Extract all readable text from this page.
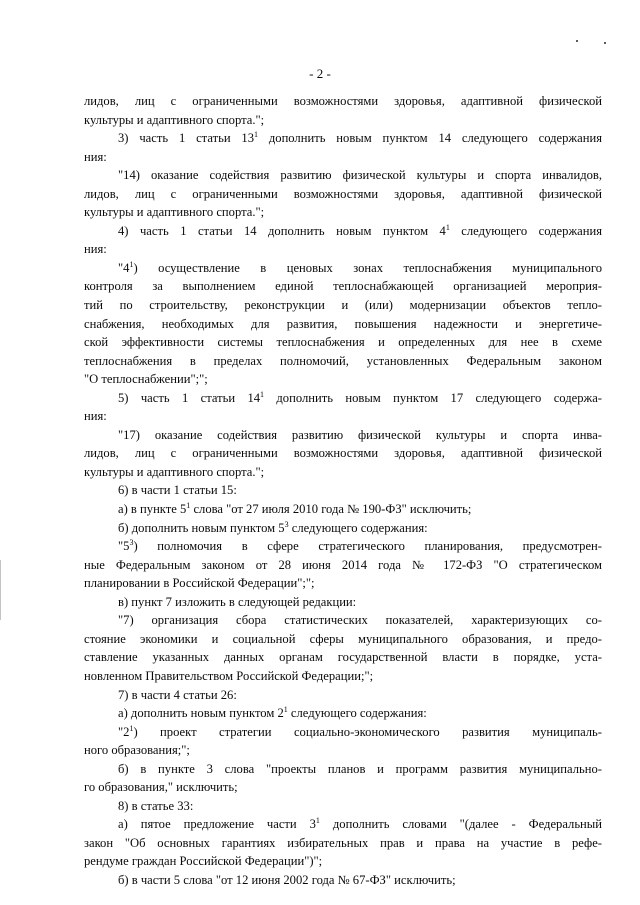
- 2 -
лидов, лиц с ограниченными возможностями здоровья, адаптивной физической
культуры и адаптивного спорта.";
3) часть 1 статьи $13^1$ дополнить новым пунктом 14 следующего содержания
ния:
"14) оказание содействия развитию физической культуры и спорта инвалидов,
лидов, лиц с ограниченными возможностями здоровья, адаптивной физической
культуры и адаптивного спорта.";
4) часть 1 статьи 14 дополнить новым пунктом $4^1$ следующего содержания
ния:
"$4^1$) осуществление в ценовых зонах теплоснабжения муниципального
контроля за выполнением единой теплоснабжающей организацией мероприя-
тий по строительству, реконструкции и (или) модернизации объектов тепло-
снабжения, необходимых для развития, повышения надежности и энергетиче-
ской эффективности системы теплоснабжения и определенных для нее в схеме
теплоснабжения в пределах полномочий, установленных Федеральным законом
"О теплоснабжении";";
5) часть 1 статьи $14^1$ дополнить новым пунктом 17 следующего содержа-
ния:
"17) оказание содействия развитию физической культуры и спорта инва-
лидов, лиц с ограниченными возможностями здоровья, адаптивной физической
культуры и адаптивного спорта.";
6) в части 1 статьи 15:
а) в пункте $5^1$ слова "от 27 июля 2010 года № 190-ФЗ" исключить;
б) дополнить новым пунктом $5^3$ следующего содержания:
"$5^3$) полномочия в сфере стратегического планирования, предусмотрен-
ные Федеральным законом от 28 июня 2014 года № 172-ФЗ "О стратегическом
планировании в Российской Федерации";";
в) пункт 7 изложить в следующей редакции:
"7) организация сбора статистических показателей, характеризующих со-
стояние экономики и социальной сферы муниципального образования, и предо-
ставление указанных данных органам государственной власти в порядке, уста-
новленном Правительством Российской Федерации;";
7) в части 4 статьи 26:
а) дополнить новым пунктом $2^1$ следующего содержания:
"$2^1$) проект стратегии социально-экономического развития муниципаль-
ного образования;";
б) в пункте 3 слова "проекты планов и программ развития муниципально-
го образования," исключить;
8) в статье 33:
а) пятое предложение части $3^1$ дополнить словами "(далее - Федеральный
закон "Об основных гарантиях избирательных прав и права на участие в рефе-
рендуме граждан Российской Федерации")";
б) в части 5 слова "от 12 июня 2002 года № 67-ФЗ" исключить;
